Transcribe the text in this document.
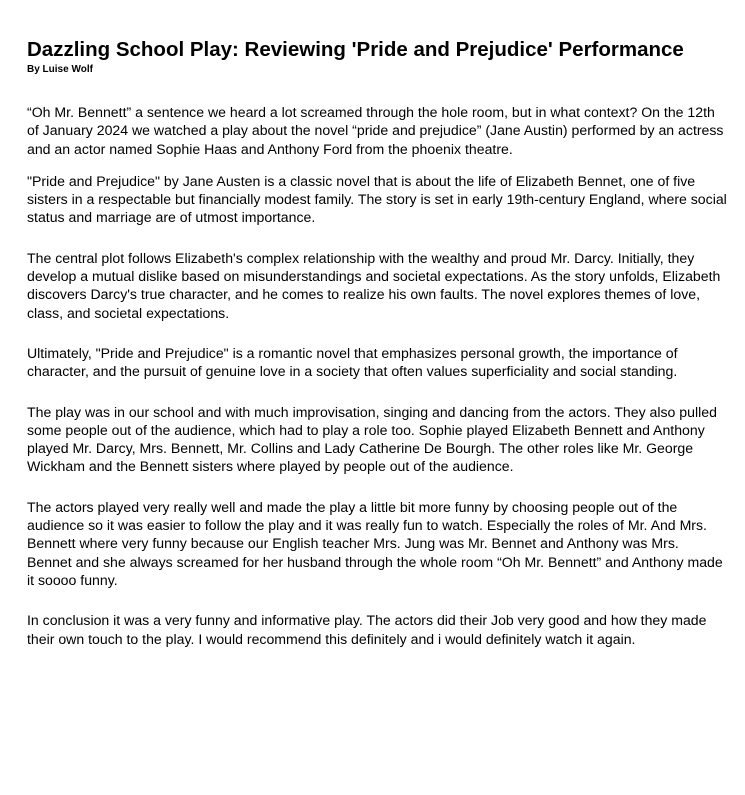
Dazzling School Play: Reviewing 'Pride and Prejudice' Performance
By Luise Wolf

“Oh Mr. Bennett” a sentence we heard a lot screamed through the hole room, but in what context? On the 12th of January 2024 we watched a play about the novel “pride and prejudice” (Jane Austin) performed by an actress and an actor named Sophie Haas and Anthony Ford from the phoenix theatre.

"Pride and Prejudice" by Jane Austen is a classic novel that is about the life of Elizabeth Bennet, one of five sisters in a respectable but financially modest family. The story is set in early 19th-century England, where social status and marriage are of utmost importance.

The central plot follows Elizabeth's complex relationship with the wealthy and proud Mr. Darcy. Initially, they develop a mutual dislike based on misunderstandings and societal expectations. As the story unfolds, Elizabeth discovers Darcy's true character, and he comes to realize his own faults. The novel explores themes of love, class, and societal expectations.

Ultimately, "Pride and Prejudice" is a romantic novel that emphasizes personal growth, the importance of character, and the pursuit of genuine love in a society that often values superficiality and social standing.

The play was in our school and with much improvisation, singing and dancing from the actors. They also pulled some people out of the audience, which had to play a role too. Sophie played Elizabeth Bennett and Anthony played Mr. Darcy, Mrs. Bennett, Mr. Collins and Lady Catherine De Bourgh. The other roles like Mr. George Wickham and the Bennett sisters where played by people out of the audience.

The actors played very really well and made the play a little bit more funny by choosing people out of the audience so it was easier to follow the play and it was really fun to watch. Especially the roles of Mr. And Mrs. Bennett where very funny because our English teacher Mrs. Jung was Mr. Bennet and Anthony was Mrs. Bennet and she always screamed for her husband through the whole room “Oh Mr. Bennett” and Anthony made it soooo funny.

In conclusion it was a very funny and informative play. The actors did their Job very good and how they made their own touch to the play. I would recommend this definitely and i would definitely watch it again.
